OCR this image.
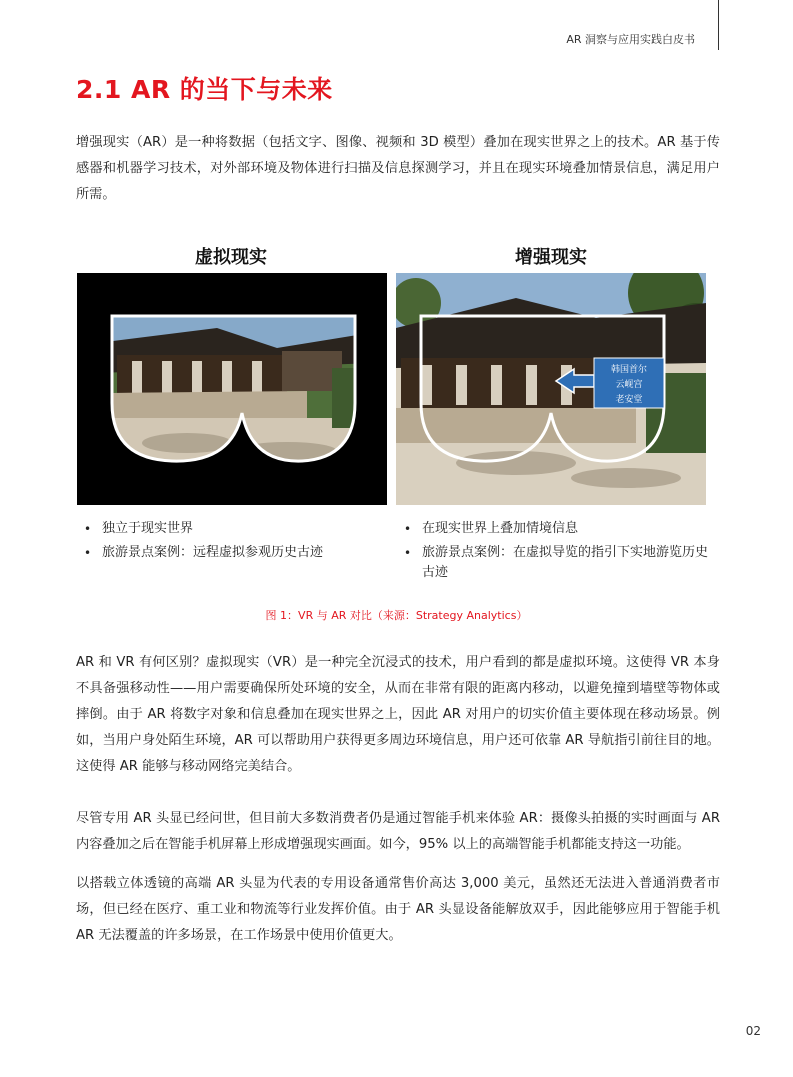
AR 洞察与应用实践白皮书
2.1 AR 的当下与未来

增强现实（AR）是一种将数据（包括文字、图像、视频和 3D 模型）叠加在现实世界之上的技术。AR 基于传感器和机器学习技术，对外部环境及物体进行扫描及信息探测学习，并且在现实环境叠加情景信息，满足用户所需。

虚拟现实	增强现实
韩国首尔
云岘宫
老安堂
• 独立于现实世界
• 旅游景点案例：远程虚拟参观历史古迹
• 在现实世界上叠加情境信息
• 旅游景点案例：在虚拟导览的指引下实地游览历史古迹
图 1：VR 与 AR 对比（来源：Strategy Analytics）

AR 和 VR 有何区别？虚拟现实（VR）是一种完全沉浸式的技术，用户看到的都是虚拟环境。这使得 VR 本身不具备强移动性——用户需要确保所处环境的安全，从而在非常有限的距离内移动，以避免撞到墙壁等物体或摔倒。由于 AR 将数字对象和信息叠加在现实世界之上，因此 AR 对用户的切实价值主要体现在移动场景。例如，当用户身处陌生环境，AR 可以帮助用户获得更多周边环境信息，用户还可依靠 AR 导航指引前往目的地。这使得 AR 能够与移动网络完美结合。

尽管专用 AR 头显已经问世，但目前大多数消费者仍是通过智能手机来体验 AR：摄像头拍摄的实时画面与 AR 内容叠加之后在智能手机屏幕上形成增强现实画面。如今，95% 以上的高端智能手机都能支持这一功能。

以搭载立体透镜的高端 AR 头显为代表的专用设备通常售价高达 3,000 美元，虽然还无法进入普通消费者市场，但已经在医疗、重工业和物流等行业发挥价值。由于 AR 头显设备能解放双手，因此能够应用于智能手机 AR 无法覆盖的许多场景，在工作场景中使用价值更大。

02
